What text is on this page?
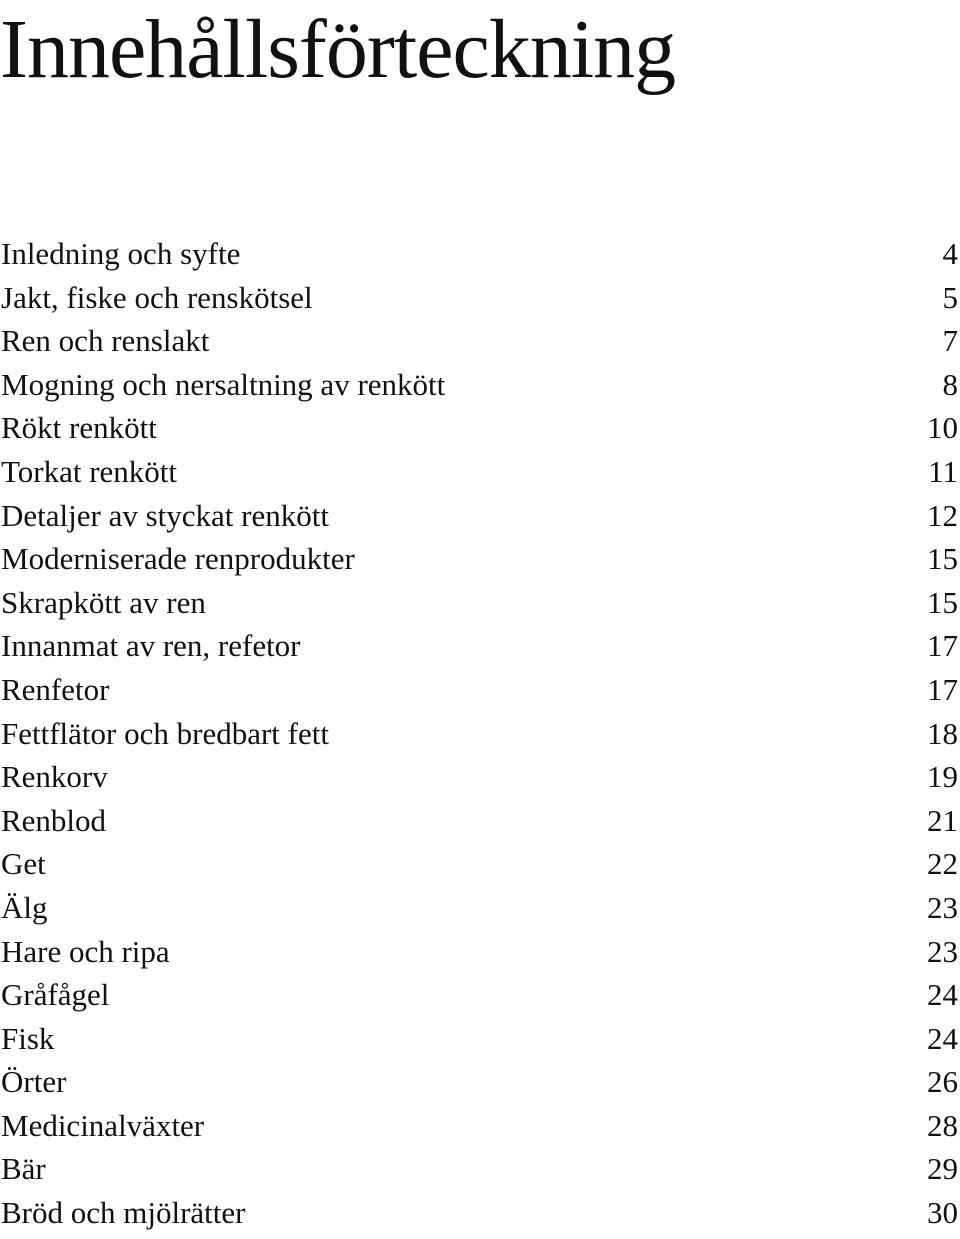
Innehållsförteckning
Inledning och syfte	4
Jakt, fiske och renskötsel	5
Ren och renslakt	7
Mogning och nersaltning av renkött	8
Rökt renkött	10
Torkat renkött	11
Detaljer av styckat renkött	12
Moderniserade renprodukter	15
Skrapkött av ren	15
Innanmat av ren, refetor	17
Renfetor	17
Fettflätor och bredbart fett	18
Renkorv	19
Renblod	21
Get	22
Älg	23
Hare och ripa	23
Gråfågel	24
Fisk	24
Örter	26
Medicinalväxter	28
Bär	29
Bröd och mjölrätter	30
